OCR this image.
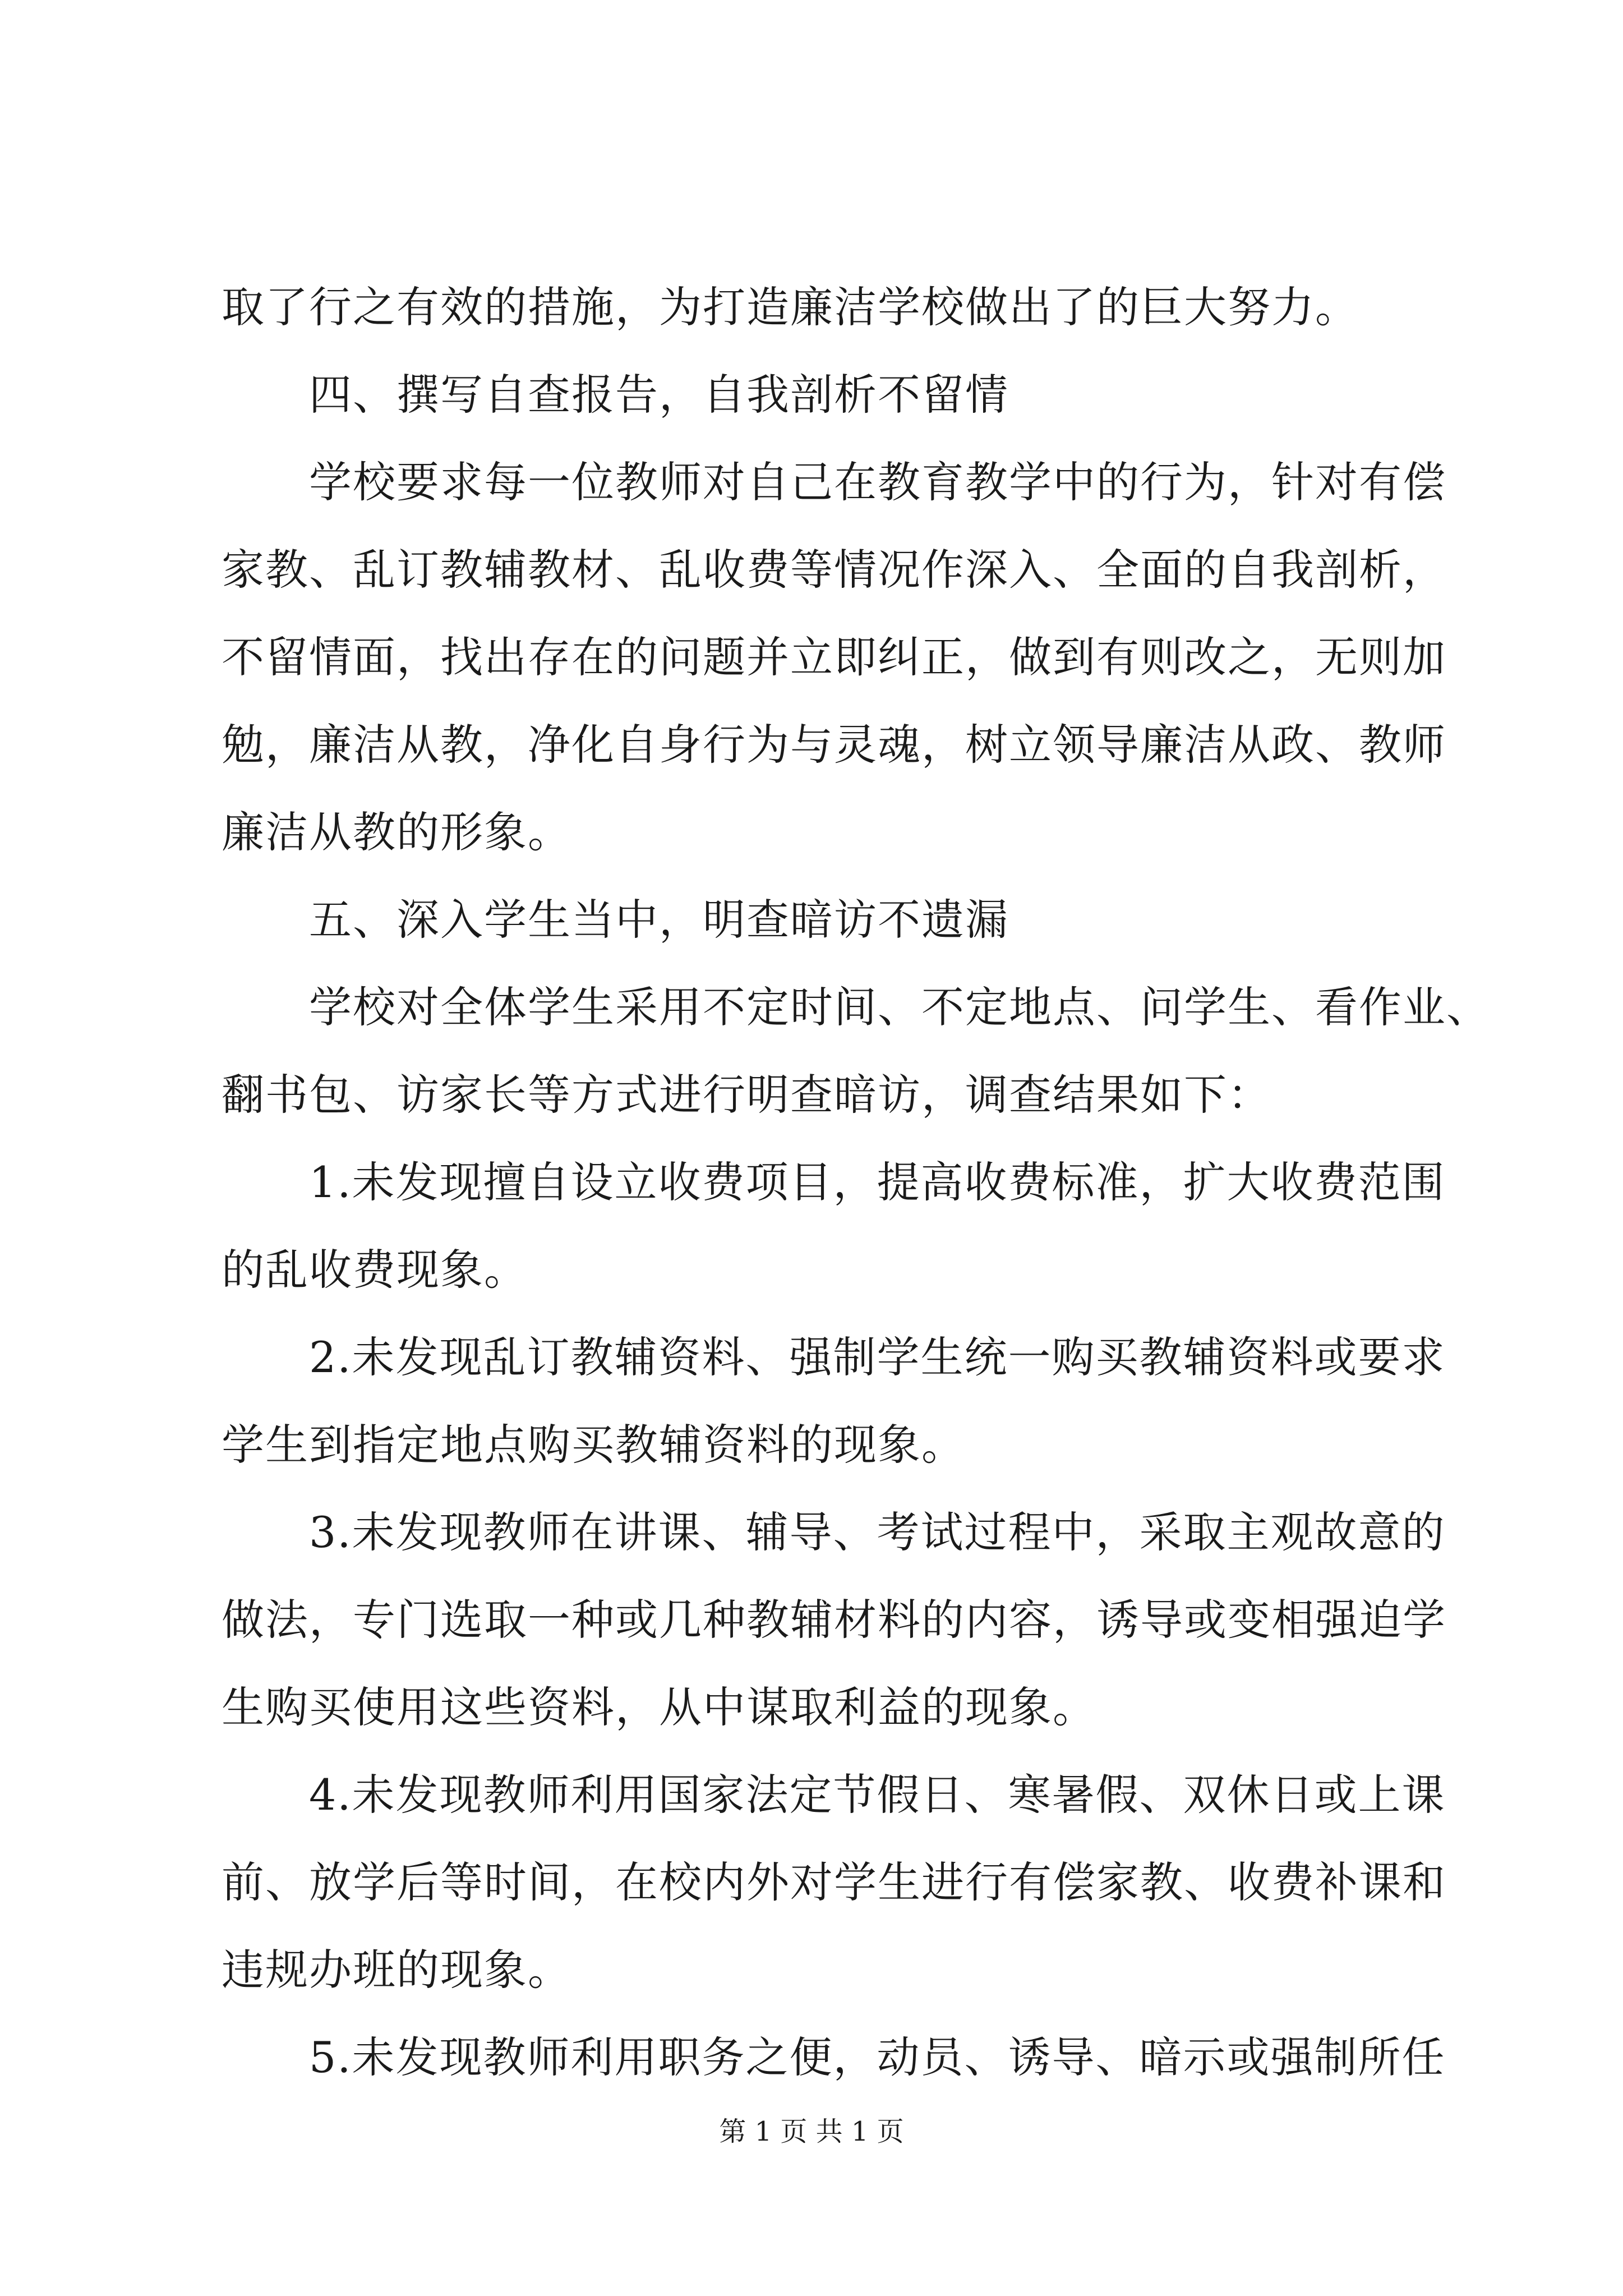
取了行之有效的措施，为打造廉洁学校做出了的巨大努力。
四、撰写自查报告，自我剖析不留情
学校要求每一位教师对自己在教育教学中的行为，针对有偿
家教、乱订教辅教材、乱收费等情况作深入、全面的自我剖析，
不留情面，找出存在的问题并立即纠正，做到有则改之，无则加
勉，廉洁从教，净化自身行为与灵魂，树立领导廉洁从政、教师
廉洁从教的形象。
五、深入学生当中，明查暗访不遗漏
学校对全体学生采用不定时间、不定地点、问学生、看作业、
翻书包、访家长等方式进行明查暗访，调查结果如下：
1.未发现擅自设立收费项目，提高收费标准，扩大收费范围
的乱收费现象。
2.未发现乱订教辅资料、强制学生统一购买教辅资料或要求
学生到指定地点购买教辅资料的现象。
3.未发现教师在讲课、辅导、考试过程中，采取主观故意的
做法，专门选取一种或几种教辅材料的内容，诱导或变相强迫学
生购买使用这些资料，从中谋取利益的现象。
4.未发现教师利用国家法定节假日、寒暑假、双休日或上课
前、放学后等时间，在校内外对学生进行有偿家教、收费补课和
违规办班的现象。
5.未发现教师利用职务之便，动员、诱导、暗示或强制所任
第 1 页 共 1 页
